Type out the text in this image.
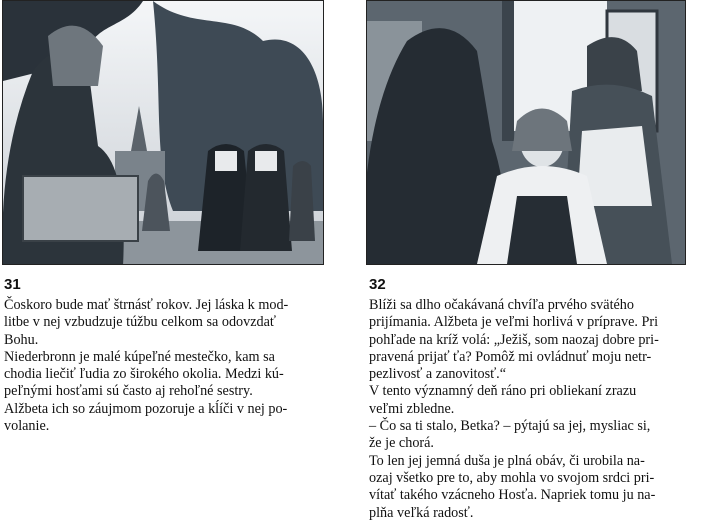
31	32

Čoskoro bude mať štrnásť rokov. Jej láska k mod-
litbe v nej vzbudzuje túžbu celkom sa odovzdať
Bohu.

Niederbronn je malé kúpeľné mestečko, kam sa
chodia liečiť ľudia zo širokého okolia. Medzi kú-
peľnými hosťami sú často aj rehoľné sestry.
Alžbeta ich so záujmom pozoruje a kĺíči v nej po-
volanie.

Blíži sa dlho očakávaná chvíľa prvého svätého
prijímania. Alžbeta je veľmi horlivá v príprave. Pri
pohľade na kríž volá: „Ježiš, som naozaj dobre pri-
pravená prijať ťa? Pomôž mi ovládnuť moju netr-
pezlivosť a zanovitosť.“

V tento významný deň ráno pri obliekaní zrazu
veľmi zbledne.

– Čo sa ti stalo, Betka? – pýtajú sa jej, mysliac si,
že je chorá.

To len jej jemná duša je plná obáv, či urobila na-
ozaj všetko pre to, aby mohla vo svojom srdci pri-
vítať takého vzácneho Hosťa. Napriek tomu ju na-
plňa veľká radosť.
